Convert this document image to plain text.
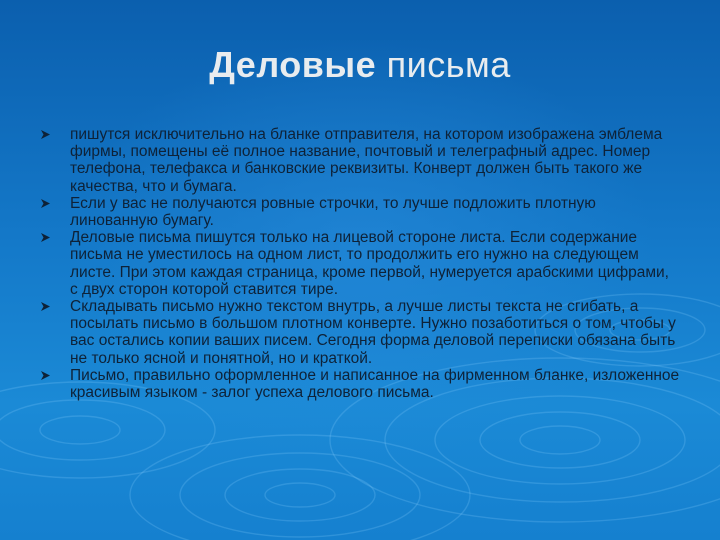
Деловые письма
пишутся исключительно на бланке отправителя, на котором изображена эмблема фирмы, помещены её полное название, почтовый и телеграфный адрес. Номер телефона, телефакса и банковские реквизиты. Конверт должен быть такого же качества, что и бумага.
Если у вас не получаются ровные строчки, то лучше подложить плотную линованную бумагу.
Деловые письма пишутся только на лицевой стороне листа. Если содержание письма не уместилось на одном лист, то продолжить его нужно на следующем листе. При этом каждая страница, кроме первой, нумеруется арабскими цифрами, с двух сторон которой ставится тире.
Складывать письмо нужно текстом внутрь, а лучше листы текста не сгибать, а посылать письмо в большом плотном конверте. Нужно позаботиться о том, чтобы у вас остались копии ваших писем. Сегодня форма деловой переписки обязана быть не только ясной и понятной, но и краткой.
Письмо, правильно оформленное и написанное на фирменном бланке, изложенное красивым языком - залог успеха делового письма.
